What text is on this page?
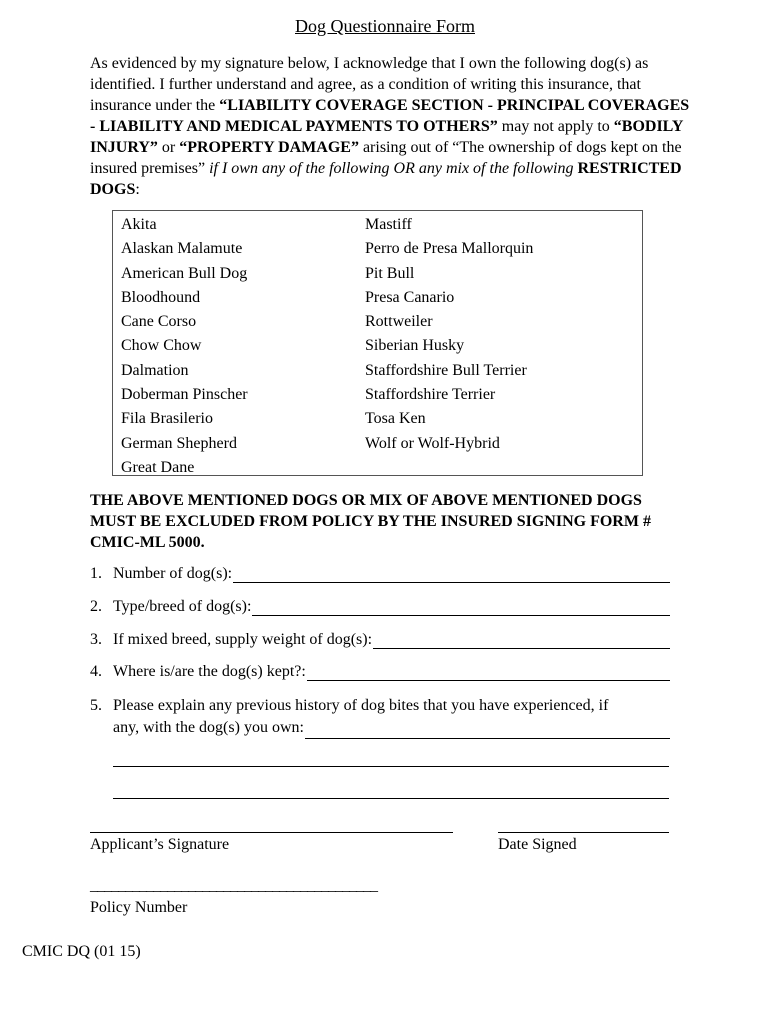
Dog Questionnaire Form
As evidenced by my signature below, I acknowledge that I own the following dog(s) as identified. I further understand and agree, as a condition of writing this insurance, that insurance under the “LIABILITY COVERAGE SECTION - PRINCIPAL COVERAGES - LIABILITY AND MEDICAL PAYMENTS TO OTHERS” may not apply to “BODILY INJURY” or “PROPERTY DAMAGE” arising out of “The ownership of dogs kept on the insured premises” if I own any of the following OR any mix of the following RESTRICTED DOGS:
Akita
Alaskan Malamute
American Bull Dog
Bloodhound
Cane Corso
Chow Chow
Dalmation
Doberman Pinscher
Fila Brasilerio
German Shepherd
Great Dane
Mastiff
Perro de Presa Mallorquin
Pit Bull
Presa Canario
Rottweiler
Siberian Husky
Staffordshire Bull Terrier
Staffordshire Terrier
Tosa Ken
Wolf or Wolf-Hybrid
THE ABOVE MENTIONED DOGS OR MIX OF ABOVE MENTIONED DOGS MUST BE EXCLUDED FROM POLICY BY THE INSURED SIGNING FORM # CMIC-ML 5000.
1. Number of dog(s):
2. Type/breed of dog(s):
3. If mixed breed, supply weight of dog(s):
4. Where is/are the dog(s) kept?:
5. Please explain any previous history of dog bites that you have experienced, if
any, with the dog(s) you own:
Applicant’s Signature	Date Signed
_________________________________________
Policy Number
CMIC DQ (01 15)
